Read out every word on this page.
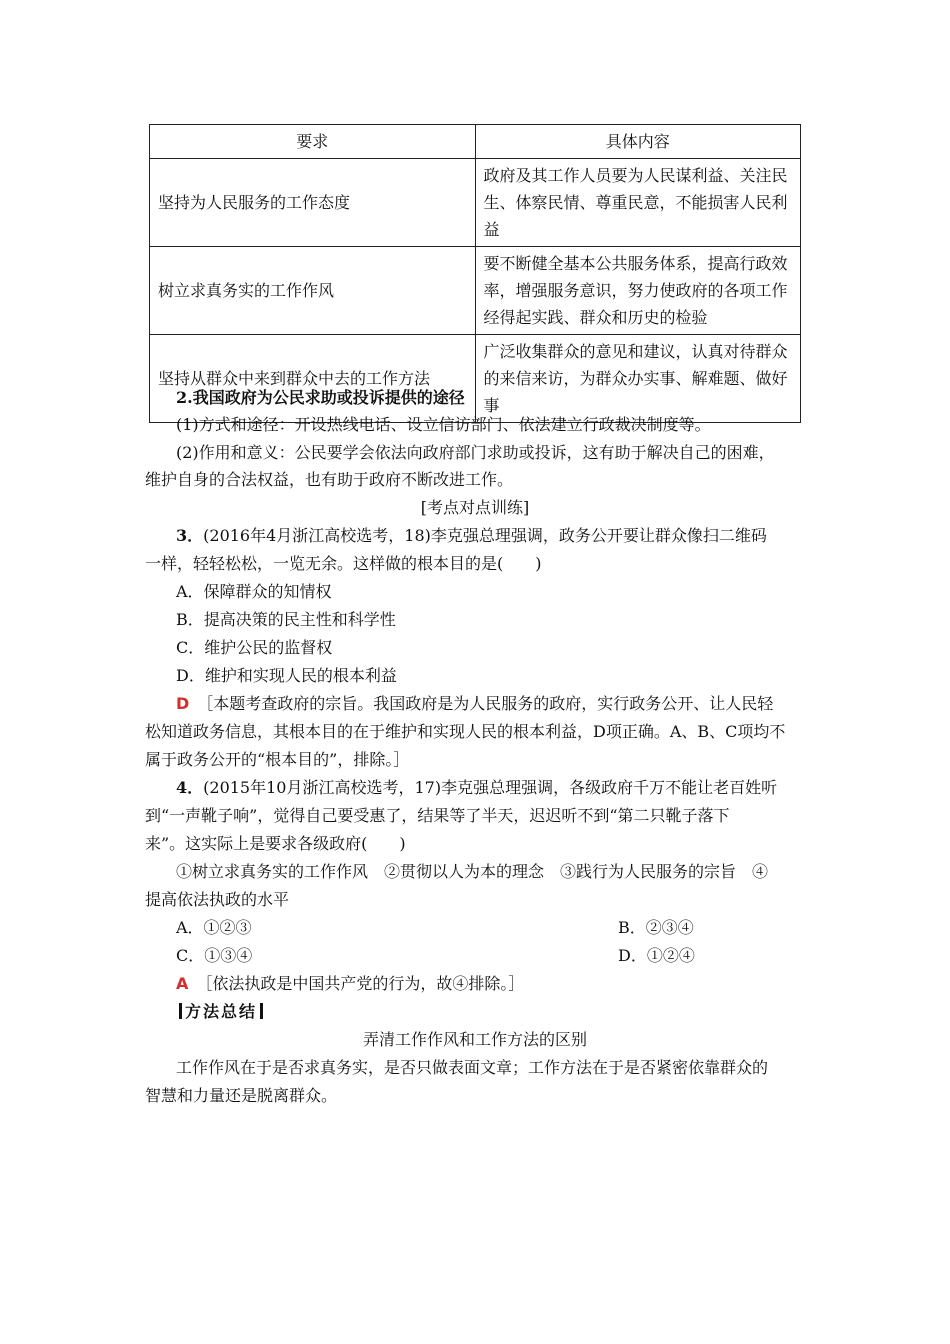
要求	具体内容
坚持为人民服务的工作态度	政府及其工作人员要为人民谋利益、关注民生、体察民情、尊重民意，不能损害人民利益
树立求真务实的工作作风	要不断健全基本公共服务体系，提高行政效率，增强服务意识，努力使政府的各项工作经得起实践、群众和历史的检验
坚持从群众中来到群众中去的工作方法	广泛收集群众的意见和建议，认真对待群众的来信来访，为群众办实事、解难题、做好事
2.我国政府为公民求助或投诉提供的途径
(1)方式和途径：开设热线电话、设立信访部门、依法建立行政裁决制度等。
(2)作用和意义：公民要学会依法向政府部门求助或投诉，这有助于解决自己的困难，
维护自身的合法权益，也有助于政府不断改进工作。
[考点对点训练]
3．(2016年4月浙江高校选考，18)李克强总理强调，政务公开要让群众像扫二维码
一样，轻轻松松，一览无余。这样做的根本目的是(　　)
A．保障群众的知情权
B．提高决策的民主性和科学性
C．维护公民的监督权
D．维护和实现人民的根本利益
D　 ［本题考查政府的宗旨。我国政府是为人民服务的政府，实行政务公开、让人民轻
松知道政务信息，其根本目的在于维护和实现人民的根本利益，D项正确。A、B、C项均不
属于政务公开的“根本目的”，排除。］
4．(2015年10月浙江高校选考，17)李克强总理强调，各级政府千万不能让老百姓听
到“一声靴子响”，觉得自己要受惠了，结果等了半天，迟迟听不到“第二只靴子落下
来”。这实际上是要求各级政府(　　)
①树立求真务实的工作作风　②贯彻以人为本的理念　③践行为人民服务的宗旨　④
提高依法执政的水平
A．①②③	B．②③④
C．①③④	D．①②④
A　 ［依法执政是中国共产党的行为，故④排除。］
方法总结
弄清工作作风和工作方法的区别
工作作风在于是否求真务实，是否只做表面文章；工作方法在于是否紧密依靠群众的
智慧和力量还是脱离群众。
